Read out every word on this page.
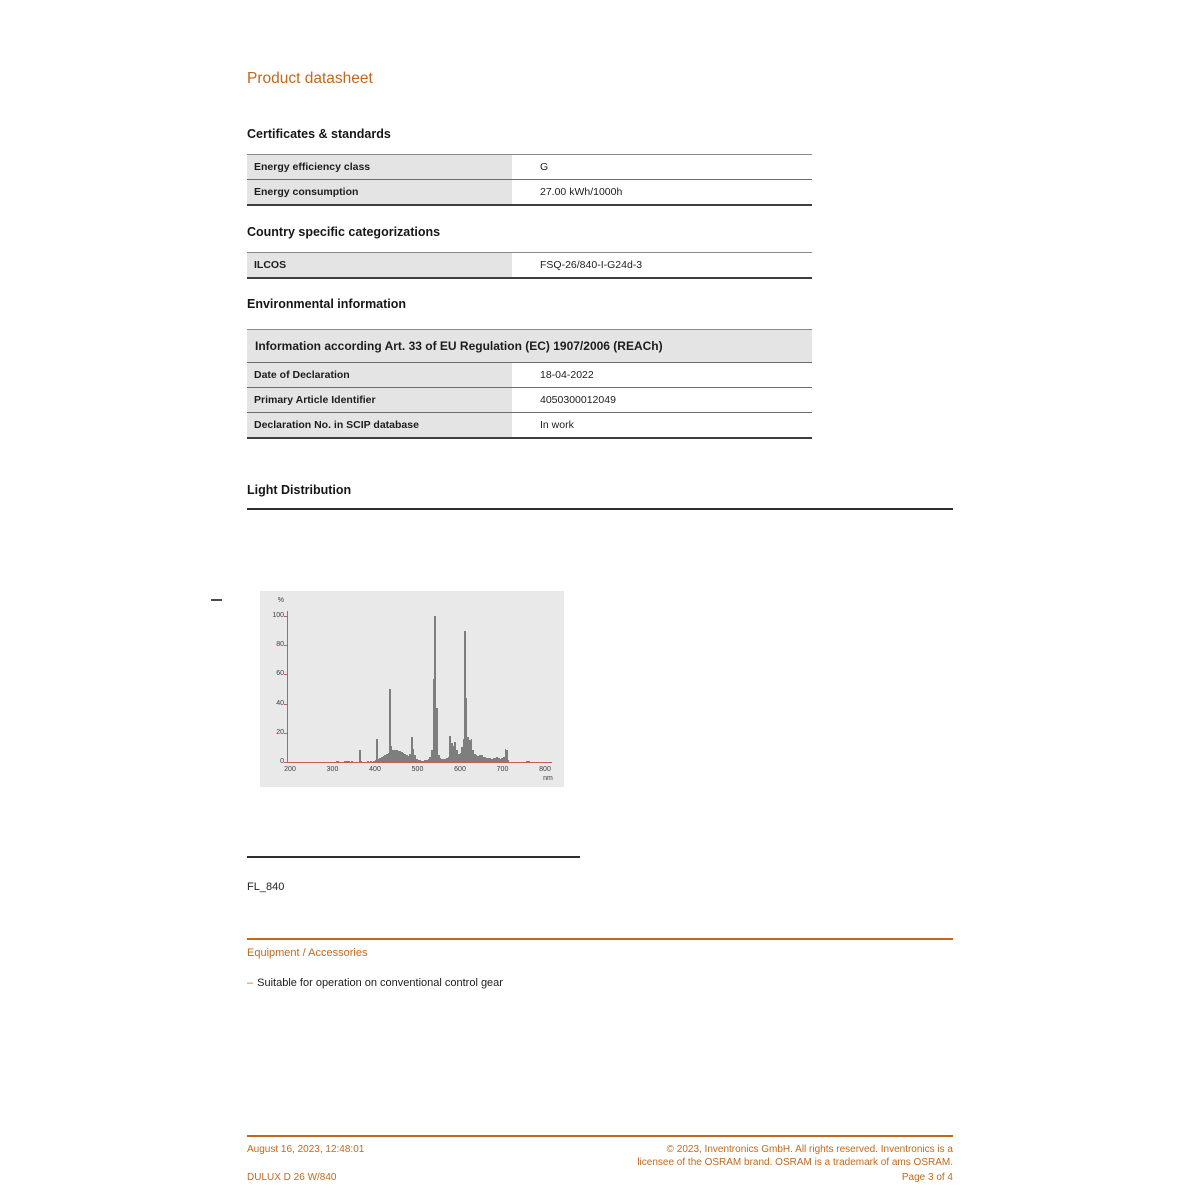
Product datasheet
Certificates & standards
Energy efficiency class	G
Energy consumption	27.00 kWh/1000h
Country specific categorizations
ILCOS	FSQ-26/840-I-G24d-3
Environmental information
Information according Art. 33 of EU Regulation (EC) 1907/2006 (REACh)
Date of Declaration	18-04-2022
Primary Article Identifier	4050300012049
Declaration No. in SCIP database	In work
Light Distribution
%
0
20
40
60
80
100
200	300	400	500	600	700	800
nm
FL_840
Equipment / Accessories
– Suitable for operation on conventional control gear
August 16, 2023, 12:48:01
DULUX D 26 W/840
© 2023, Inventronics GmbH. All rights reserved. Inventronics is a
licensee of the OSRAM brand. OSRAM is a trademark of ams OSRAM.
Page 3 of 4
